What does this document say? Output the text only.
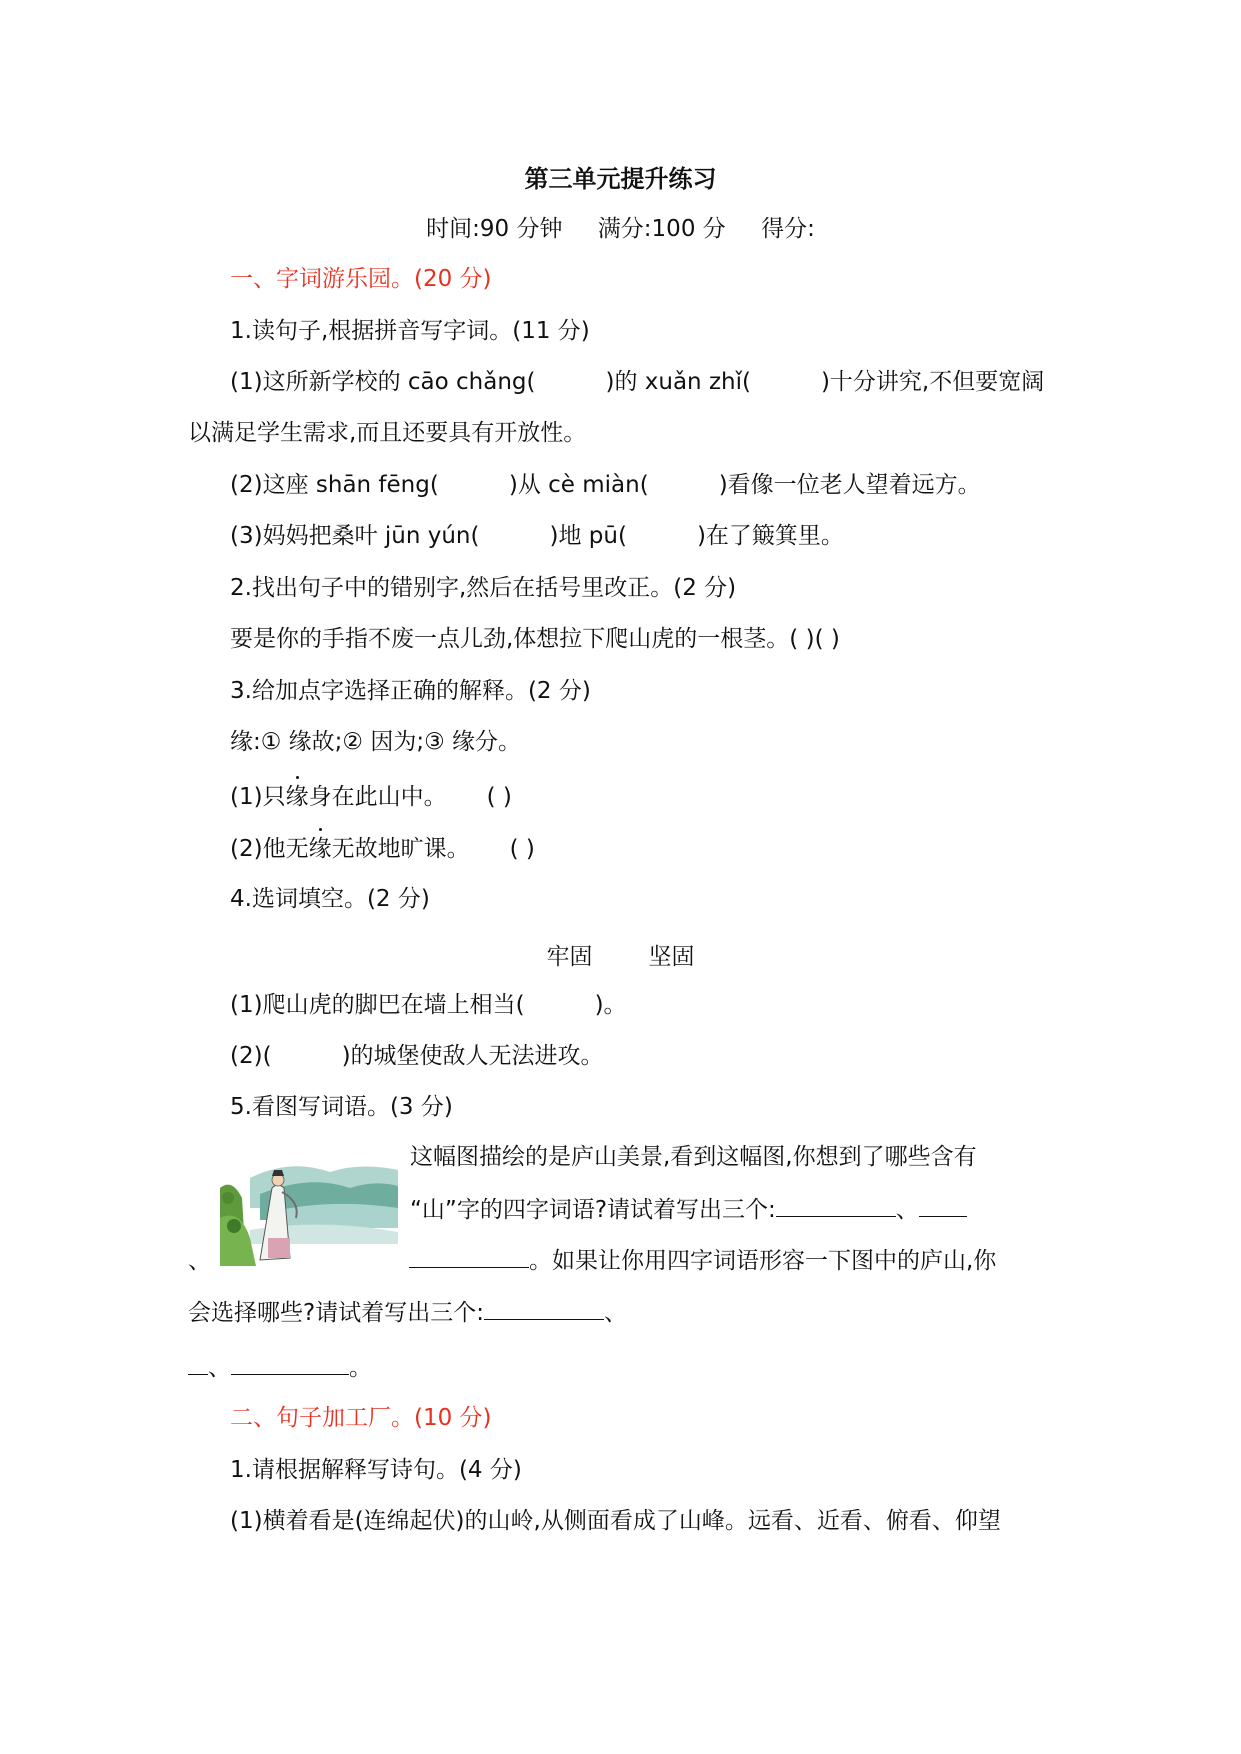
第三单元提升练习
时间:90 分钟 满分:100 分 得分:
一、字词游乐园。(20 分)
1.读句子,根据拼音写字词。(11 分)
(1)这所新学校的 cāo chǎng(	)的 xuǎn zhǐ(	)十分讲究,不但要宽阔
以满足学生需求,而且还要具有开放性。
(2)这座 shān fēng(	)从 cè miàn(	)看像一位老人望着远方。
(3)妈妈把桑叶 jūn yún(	)地 pū(	)在了簸箕里。
2.找出句子中的错别字,然后在括号里改正。(2 分)
要是你的手指不废一点儿劲,体想拉下爬山虎的一根茎。( )( )
3.给加点字选择正确的解释。(2 分)
缘:① 缘故;② 因为;③ 缘分。
(1)只缘身在此山中。 ( )
(2)他无缘无故地旷课。 ( )
4.选词填空。(2 分)
牢固 坚固
(1)爬山虎的脚巴在墙上相当(	)。
(2)(	)的城堡使敌人无法进攻。
5.看图写词语。(3 分)
这幅图描绘的是庐山美景,看到这幅图,你想到了哪些含有
“山”字的四字词语?请试着写出三个:	、
、	。如果让你用四字词语形容一下图中的庐山,你
会选择哪些?请试着写出三个:	、
、	。
二、句子加工厂。(10 分)
1.请根据解释写诗句。(4 分)
(1)横着看是(连绵起伏)的山岭,从侧面看成了山峰。远看、近看、俯看、仰望
